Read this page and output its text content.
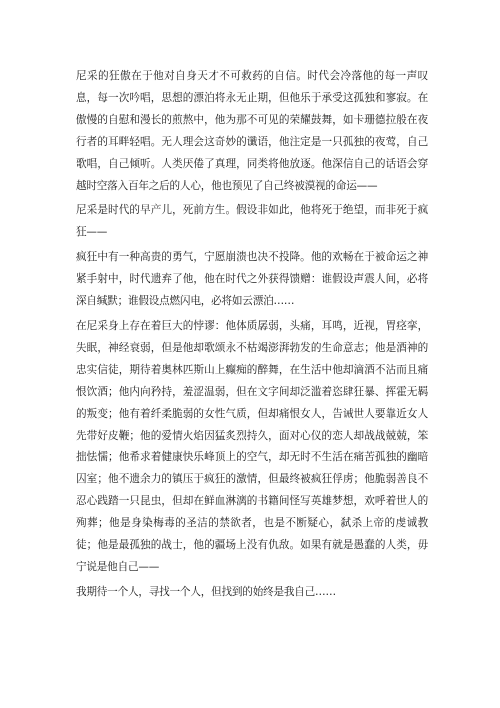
尼采的狂傲在于他对自身天才不可救药的自信。时代会冷落他的每一声叹息，每一次吟唱，思想的漂泊将永无止期，但他乐于承受这孤独和寥寂。在傲慢的自慰和漫长的煎熬中，他为那不可见的荣耀鼓舞，如卡珊德拉般在夜行者的耳畔轻唱。无人理会这奇妙的谶语，他注定是一只孤独的夜莺，自己歌唱，自己倾听。人类厌倦了真理，同类将他放逐。他深信自己的话语会穿越时空落入百年之后的人心，他也预见了自己终被漠视的命运——

尼采是时代的早产儿，死前方生。假设非如此，他将死于绝望，而非死于疯狂——

疯狂中有一种高贵的勇气，宁愿崩溃也决不投降。他的欢畅在于被命运之神紧手射中，时代遗弃了他，他在时代之外获得馈赠：谁假设声震人间，必将深自缄默；谁假设点燃闪电，必将如云漂泊……

在尼采身上存在着巨大的悖谬：他体质孱弱，头痛，耳鸣，近视，胃痉挛，失眠，神经衰弱，但是他却歌颂永不枯竭澎湃勃发的生命意志；他是酒神的忠实信徒，期待着奥林匹斯山上癫痴的醉舞，在生活中他却滴酒不沾而且痛恨饮酒；他内向矜持，羞涩温弱，但在文字间却泛滥着恣肆狂暴、挥霍无羁的叛变；他有着纤柔脆弱的女性气质，但却痛恨女人，告诫世人要靠近女人先带好皮鞭；他的爱情火焰因猛炙烈持久，面对心仪的恋人却战战兢兢，笨拙怯懦；他希求着健康快乐峰顶上的空气，却无时不生活在痛苦孤独的幽暗囚室；他不遗余力的镇压于疯狂的激情，但最终被疯狂俘虏；他脆弱善良不忍心践踏一只昆虫，但却在鲜血淋漓的书籍间怪写英雄梦想，欢呼着世人的殉葬；他是身染梅毒的圣洁的禁欲者，也是不断疑心，弑杀上帝的虔诚教徒；他是最孤独的战士，他的疆场上没有仇敌。如果有就是愚蠢的人类，毋宁说是他自己——

我期待一个人，寻找一个人，但找到的始终是我自己……
